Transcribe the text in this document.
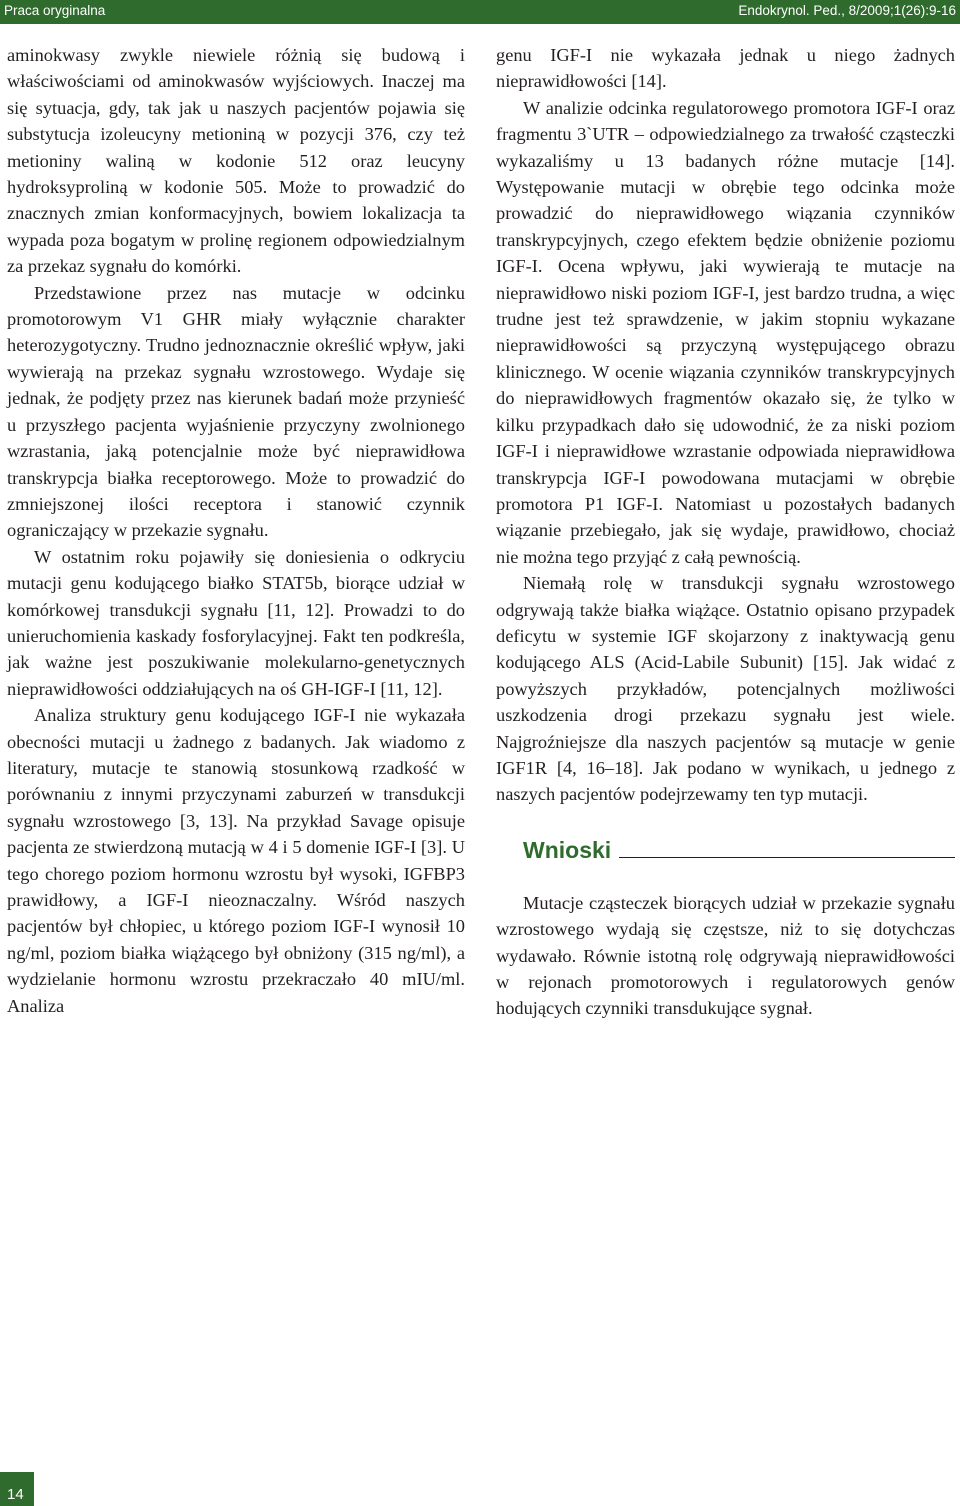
Praca oryginalna	Endokrynol. Ped., 8/2009;1(26):9-16

aminokwasy zwykle niewiele różnią się budową i właściwościami od aminokwasów wyjściowych. Inaczej ma się sytuacja, gdy, tak jak u naszych pacjentów pojawia się substytucja izoleucyny metioniną w pozycji 376, czy też metioniny waliną w kodonie 512 oraz leucyny hydroksyproliną w kodonie 505. Może to prowadzić do znacznych zmian konformacyjnych, bowiem lokalizacja ta wypada poza bogatym w prolinę regionem odpowiedzialnym za przekaz sygnału do komórki.

Przedstawione przez nas mutacje w odcinku promotorowym V1 GHR miały wyłącznie charakter heterozygotyczny. Trudno jednoznacznie określić wpływ, jaki wywierają na przekaz sygnału wzrostowego. Wydaje się jednak, że podjęty przez nas kierunek badań może przynieść u przyszłego pacjenta wyjaśnienie przyczyny zwolnionego wzrastania, jaką potencjalnie może być nieprawidłowa transkrypcja białka receptorowego. Może to prowadzić do zmniejszonej ilości receptora i stanowić czynnik ograniczający w przekazie sygnału.

W ostatnim roku pojawiły się doniesienia o odkryciu mutacji genu kodującego białko STAT5b, biorące udział w komórkowej transdukcji sygnału [11, 12]. Prowadzi to do unieruchomienia kaskady fosforylacyjnej. Fakt ten podkreśla, jak ważne jest poszukiwanie molekularno-genetycznych nieprawidłowości oddziałujących na oś GH-IGF-I [11, 12].

Analiza struktury genu kodującego IGF-I nie wykazała obecności mutacji u żadnego z badanych. Jak wiadomo z literatury, mutacje te stanowią stosunkową rzadkość w porównaniu z innymi przyczynami zaburzeń w transdukcji sygnału wzrostowego [3, 13]. Na przykład Savage opisuje pacjenta ze stwierdzoną mutacją w 4 i 5 domenie IGF-I [3]. U tego chorego poziom hormonu wzrostu był wysoki, IGFBP3 prawidłowy, a IGF-I nieoznaczalny. Wśród naszych pacjentów był chłopiec, u którego poziom IGF-I wynosił 10 ng/ml, poziom białka wiążącego był obniżony (315 ng/ml), a wydzielanie hormonu wzrostu przekraczało 40 mIU/ml. Analiza

genu IGF-I nie wykazała jednak u niego żadnych nieprawidłowości [14].

W analizie odcinka regulatorowego promotora IGF-I oraz fragmentu 3`UTR – odpowiedzialnego za trwałość cząsteczki wykazaliśmy u 13 badanych różne mutacje [14]. Występowanie mutacji w obrębie tego odcinka może prowadzić do nieprawidłowego wiązania czynników transkrypcyjnych, czego efektem będzie obniżenie poziomu IGF-I. Ocena wpływu, jaki wywierają te mutacje na nieprawidłowo niski poziom IGF-I, jest bardzo trudna, a więc trudne jest też sprawdzenie, w jakim stopniu wykazane nieprawidłowości są przyczyną występującego obrazu klinicznego. W ocenie wiązania czynników transkrypcyjnych do nieprawidłowych fragmentów okazało się, że tylko w kilku przypadkach dało się udowodnić, że za niski poziom IGF-I i nieprawidłowe wzrastanie odpowiada nieprawidłowa transkrypcja IGF-I powodowana mutacjami w obrębie promotora P1 IGF-I. Natomiast u pozostałych badanych wiązanie przebiegało, jak się wydaje, prawidłowo, chociaż nie można tego przyjąć z całą pewnością.

Niemałą rolę w transdukcji sygnału wzrostowego odgrywają także białka wiążące. Ostatnio opisano przypadek deficytu w systemie IGF skojarzony z inaktywacją genu kodującego ALS (Acid-Labile Subunit) [15]. Jak widać z powyższych przykładów, potencjalnych możliwości uszkodzenia drogi przekazu sygnału jest wiele. Najgroźniejsze dla naszych pacjentów są mutacje w genie IGF1R [4, 16–18]. Jak podano w wynikach, u jednego z naszych pacjentów podejrzewamy ten typ mutacji.

Wnioski

Mutacje cząsteczek biorących udział w przekazie sygnału wzrostowego wydają się częstsze, niż to się dotychczas wydawało. Równie istotną rolę odgrywają nieprawidłowości w rejonach promotorowych i regulatorowych genów hodujących czynniki transdukujące sygnał.

14
